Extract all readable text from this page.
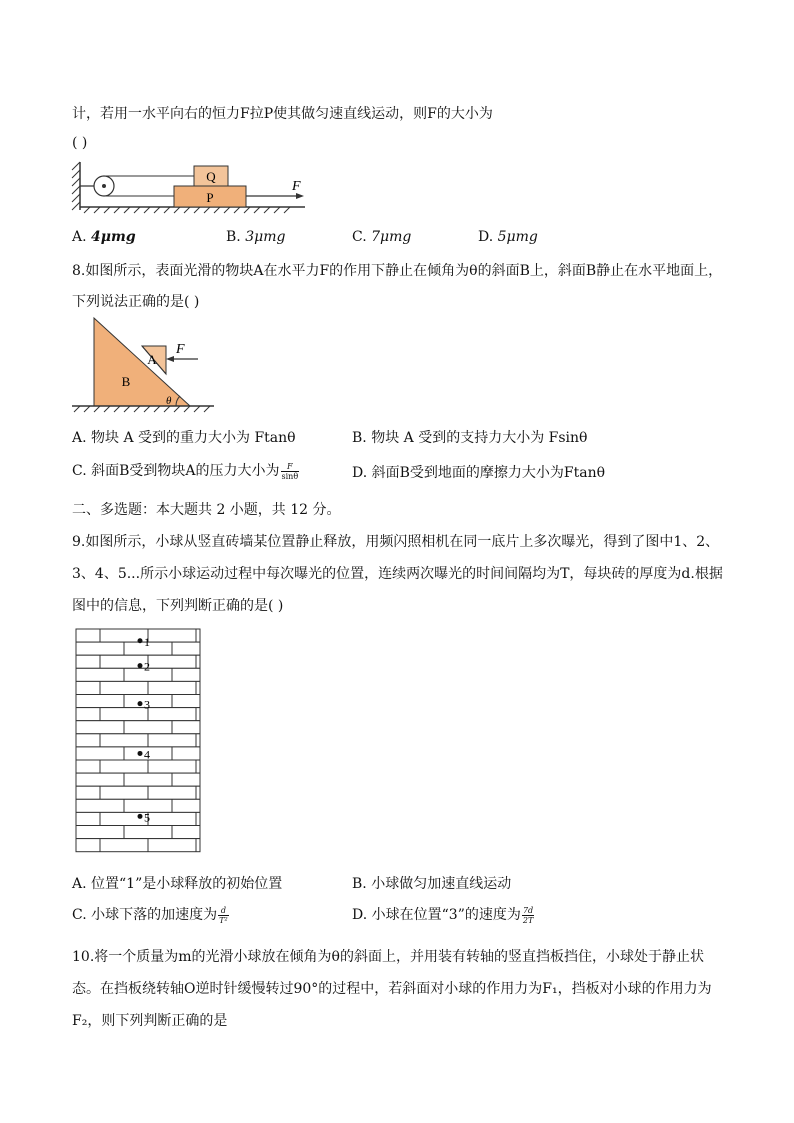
计，若用一水平向右的恒力F拉P使其做匀速直线运动，则F的大小为
( )
Q
P
F
A. 4μmg	B. 3μmg	C. 7μmg	D. 5μmg
8.如图所示，表面光滑的物块A在水平力F的作用下静止在倾角为θ的斜面B上，斜面B静止在水平地面上，
下列说法正确的是( )
A
B
F
θ
A. 物块 A 受到的重力大小为 Ftanθ	B. 物块 A 受到的支持力大小为 Fsinθ
C. 斜面B受到物块A的压力大小为 $\frac{F}{\sin\theta}$	D. 斜面B受到地面的摩擦力大小为Ftanθ
二、多选题：本大题共 2 小题，共 12 分。
9.如图所示，小球从竖直砖墙某位置静止释放，用频闪照相机在同一底片上多次曝光，得到了图中1、2、
3、4、5...所示小球运动过程中每次曝光的位置，连续两次曝光的时间间隔均为T，每块砖的厚度为d.根据
图中的信息，下列判断正确的是( )
1
2
3
4
5
A. 位置“1”是小球释放的初始位置	B. 小球做匀加速直线运动
C. 小球下落的加速度为 $\frac{d}{\text{T²}}$	D. 小球在位置“3”的速度为 $\frac{7d}{2T}$
10.将一个质量为m的光滑小球放在倾角为θ的斜面上，并用装有转轴的竖直挡板挡住，小球处于静止状
态。在挡板绕转轴O逆时针缓慢转过90°的过程中，若斜面对小球的作用力为F₁，挡板对小球的作用力为
F₂，则下列判断正确的是
